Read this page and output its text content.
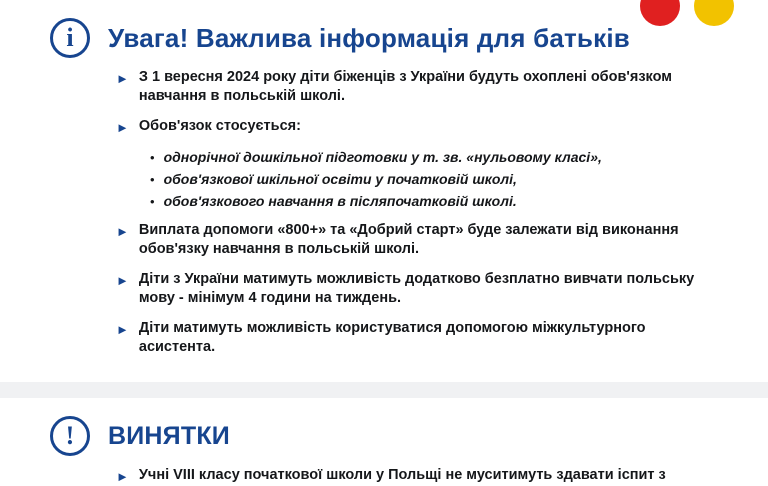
i	Увага! Важлива інформація для батьків
► З 1 вересня 2024 року діти біженців з України будуть охоплені обов'язком навчання в польській школі.
► Обов'язок стосується:
• однорічної дошкільної підготовки у т. зв. «нульовому класі»,
• обов'язкової шкільної освіти у початковій школі,
• обов'язкового навчання в післяпочатковій школі.
► Виплата допомоги «800+» та «Добрий старт» буде залежати від виконання обов'язку навчання в польській школі.
► Діти з України матимуть можливість додатково безплатно вивчати польську мову - мінімум 4 години на тиждень.
► Діти матимуть можливість користуватися допомогою міжкультурного асистента.
!	ВИНЯТКИ
► Учні VIII класу початкової школи у Польщі не муситимуть здавати іспит з
